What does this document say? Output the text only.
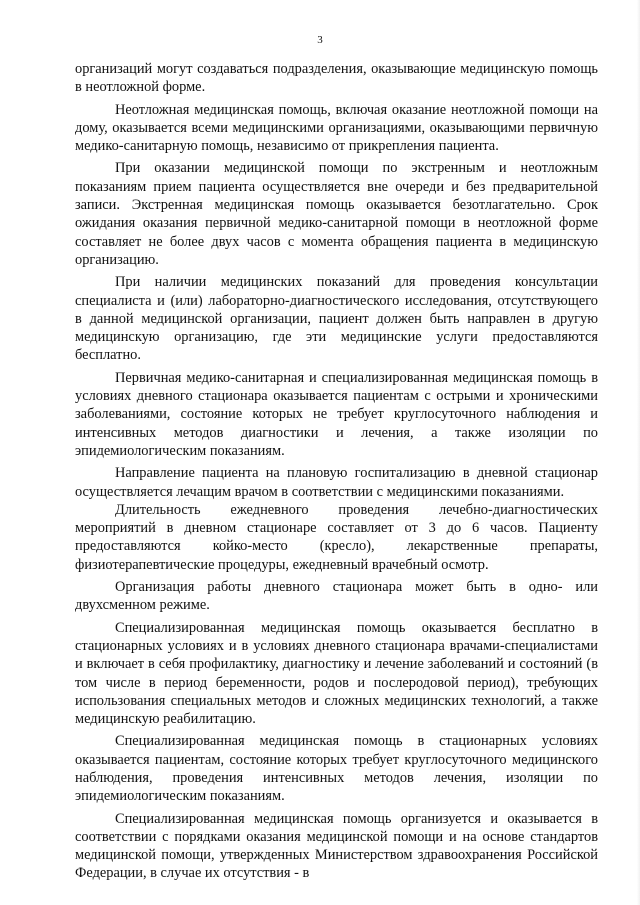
3

организаций могут создаваться подразделения, оказывающие медицинскую помощь в неотложной форме.

Неотложная медицинская помощь, включая оказание неотложной помощи на дому, оказывается всеми медицинскими организациями, оказывающими первичную медико-санитарную помощь, независимо от прикрепления пациента.

При оказании медицинской помощи по экстренным и неотложным показаниям прием пациента осуществляется вне очереди и без предварительной записи. Экстренная медицинская помощь оказывается безотлагательно. Срок ожидания оказания первичной медико-санитарной помощи в неотложной форме составляет не более двух часов с момента обращения пациента в медицинскую организацию.

При наличии медицинских показаний для проведения консультации специалиста и (или) лабораторно-диагностического исследования, отсутствующего в данной медицинской организации, пациент должен быть направлен в другую медицинскую организацию, где эти медицинские услуги предоставляются бесплатно.

Первичная медико-санитарная и специализированная медицинская помощь в условиях дневного стационара оказывается пациентам с острыми и хроническими заболеваниями, состояние которых не требует круглосуточного наблюдения и интенсивных методов диагностики и лечения, а также изоляции по эпидемиологическим показаниям.

Направление пациента на плановую госпитализацию в дневной стационар осуществляется лечащим врачом в соответствии с медицинскими показаниями.

Длительность ежедневного проведения лечебно-диагностических мероприятий в дневном стационаре составляет от 3 до 6 часов. Пациенту предоставляются койко-место (кресло), лекарственные препараты, физиотерапевтические процедуры, ежедневный врачебный осмотр.

Организация работы дневного стационара может быть в одно- или двухсменном режиме.

Специализированная медицинская помощь оказывается бесплатно в стационарных условиях и в условиях дневного стационара врачами-специалистами и включает в себя профилактику, диагностику и лечение заболеваний и состояний (в том числе в период беременности, родов и послеродовой период), требующих использования специальных методов и сложных медицинских технологий, а также медицинскую реабилитацию.

Специализированная медицинская помощь в стационарных условиях оказывается пациентам, состояние которых требует круглосуточного медицинского наблюдения, проведения интенсивных методов лечения, изоляции по эпидемиологическим показаниям.

Специализированная медицинская помощь организуется и оказывается в соответствии с порядками оказания медицинской помощи и на основе стандартов медицинской помощи, утвержденных Министерством здравоохранения Российской Федерации, в случае их отсутствия - в
